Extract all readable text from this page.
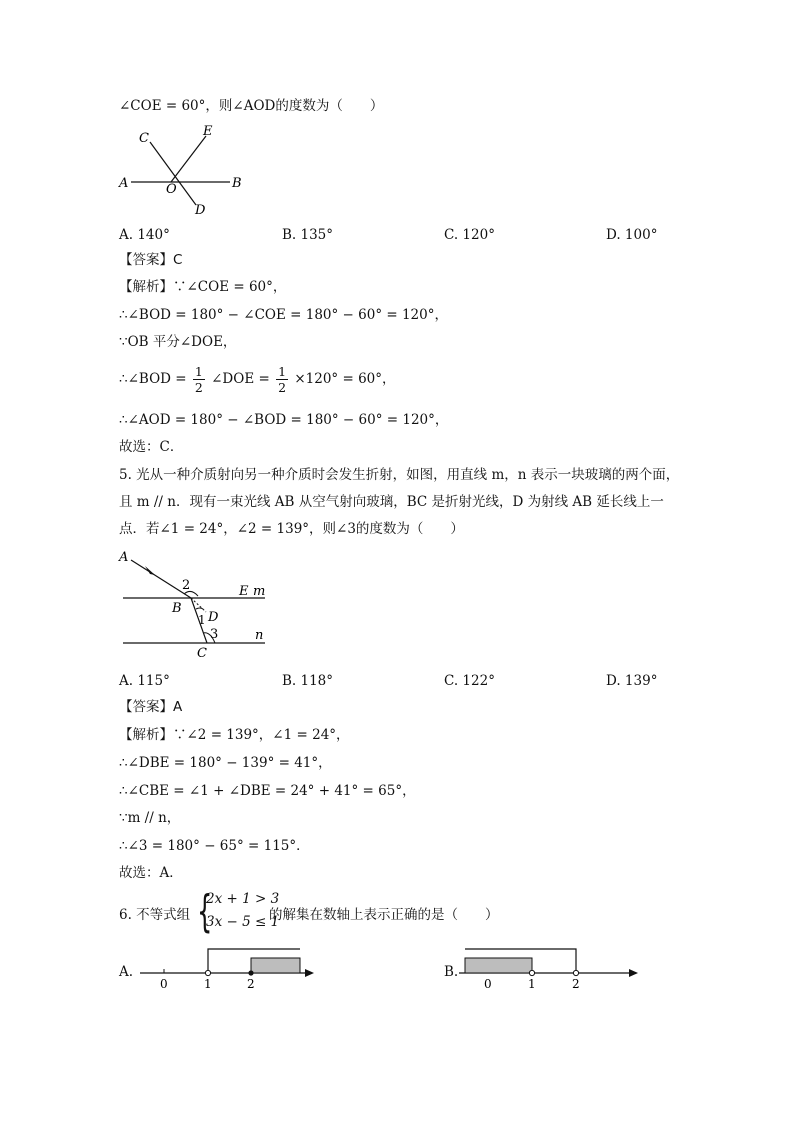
∠COE = 60°，则∠AOD的度数为（　　）
A	B
C	E
O
D
A. 140°	B. 135°	C. 120°	D. 100°
【答案】C
【解析】∵∠COE = 60°，
∴∠BOD = 180° − ∠COE = 180° − 60° = 120°，
∵OB 平分∠DOE，
∴∠BOD = $\frac{1}{2}$ ∠DOE = $\frac{1}{2} \times 120^\circ = 60^\circ$，
∴∠AOD = 180° − ∠BOD = 180° − 60° = 120°，
故选：C．
5. 光从一种介质射向另一种介质时会发生折射，如图，用直线 m，n 表示一块玻璃的两个面，
且 m // n．现有一束光线 AB 从空气射向玻璃，BC 是折射光线，D 为射线 AB 延长线上一
点．若∠1 = 24°，∠2 = 139°，则∠3的度数为（　　）
A
2	E m
B
1 D
3	n
C
A. 115°	B. 118°	C. 122°	D. 139°
【答案】A
【解析】∵∠2 = 139°，∠1 = 24°，
∴∠DBE = 180° − 139° = 41°，
∴∠CBE = ∠1 + ∠DBE = 24° + 41° = 65°，
∵m // n，
∴∠3 = 180° − 65° = 115°．
故选：A．
6. 不等式组 {
2x + 1 > 3
3x − 5 ≤ 1
的解集在数轴上表示正确的是（　　）
A.
0	1	2
B.
0	1	2
